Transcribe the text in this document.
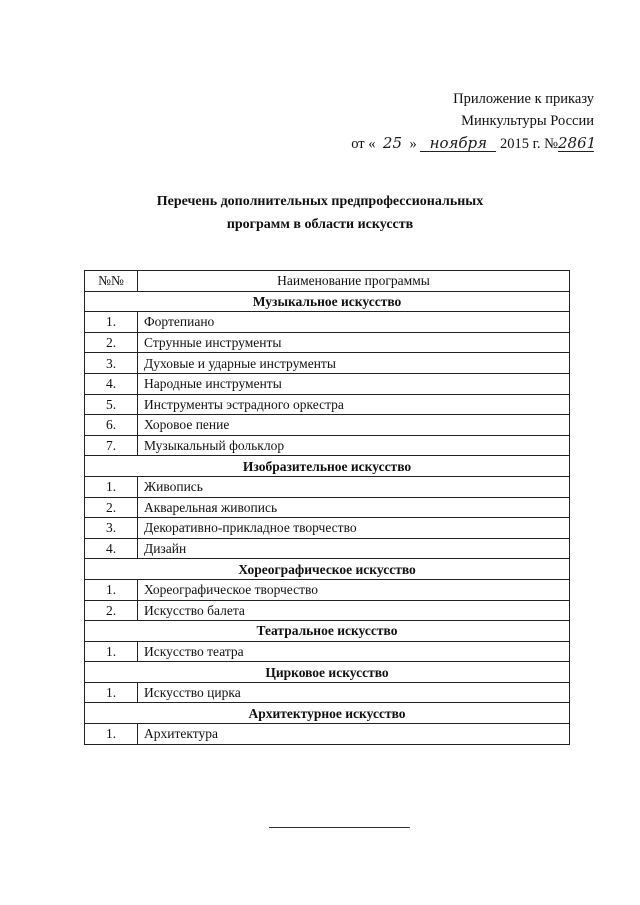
Приложение к приказу
Минкультуры России
от « 25 » ноября 2015 г. №2861
Перечень дополнительных предпрофессиональных
программ в области искусств
№№	Наименование программы
Музыкальное искусство	
1.	Фортепиано
2.	Струнные инструменты
3.	Духовые и ударные инструменты
4.	Народные инструменты
5.	Инструменты эстрадного оркестра
6.	Хоровое пение
7.	Музыкальный фольклор
Изобразительное искусство	
1.	Живопись
2.	Акварельная живопись
3.	Декоративно-прикладное творчество
4.	Дизайн
Хореографическое искусство	
1.	Хореографическое творчество
2.	Искусство балета
Театральное искусство	
1.	Искусство театра
Цирковое искусство	
1.	Искусство цирка
Архитектурное искусство	
1.	Архитектура
